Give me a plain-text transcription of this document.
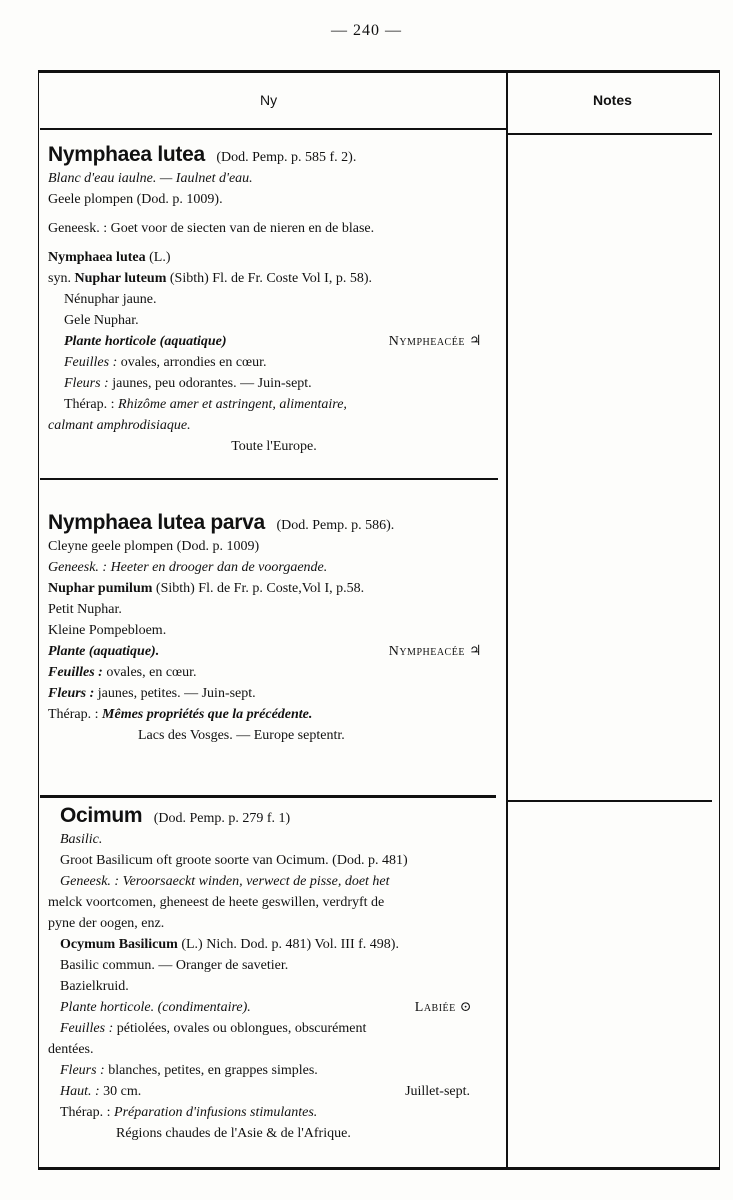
— 240 —
Ny	Notes
Nymphaea lutea (Dod. Pemp. p. 585 f. 2).
Blanc d'eau iaulne. — Iaulnet d'eau.
Geele plompen (Dod. p. 1009).
Geneesk. : Goet voor de siecten van de nieren en de blase.
Nymphaea lutea (L.)
syn. Nuphar luteum (Sibth) Fl. de Fr. Coste Vol I, p. 58).
Nénuphar jaune.
Gele Nuphar.
Plante horticole (aquatique)	Nympheacée ♃
Feuilles : ovales, arrondies en cœur.
Fleurs : jaunes, peu odorantes. — Juin-sept.
Thérap. : Rhizôme amer et astringent, alimentaire,
calmant amphrodisiaque.
Toute l'Europe.
Nymphaea lutea parva (Dod. Pemp. p. 586).
Cleyne geele plompen (Dod. p. 1009)
Geneesk. : Heeter en drooger dan de voorgaende.
Nuphar pumilum (Sibth) Fl. de Fr. p. Coste,Vol I, p.58.
Petit Nuphar.
Kleine Pompebloem.
Plante (aquatique).	Nympheacée ♃
Feuilles : ovales, en cœur.
Fleurs : jaunes, petites. — Juin-sept.
Thérap. : Mêmes propriétés que la précédente.
Lacs des Vosges. — Europe septentr.
Ocimum (Dod. Pemp. p. 279 f. 1)
Basilic.
Groot Basilicum oft groote soorte van Ocimum. (Dod. p. 481)
Geneesk. : Veroorsaeckt winden, verwect de pisse, doet het
melck voortcomen, gheneest de heete geswillen, verdryft de
pyne der oogen, enz.
Ocymum Basilicum (L.) Nich. Dod. p. 481) Vol. III f. 498).
Basilic commun. — Oranger de savetier.
Bazielkruid.
Plante horticole. (condimentaire).	Labiée ⊙
Feuilles : pétiolées, ovales ou oblongues, obscurément
dentées.
Fleurs : blanches, petites, en grappes simples.
Haut. : 30 cm.	Juillet-sept.
Thérap. : Préparation d'infusions stimulantes.
Régions chaudes de l'Asie & de l'Afrique.
